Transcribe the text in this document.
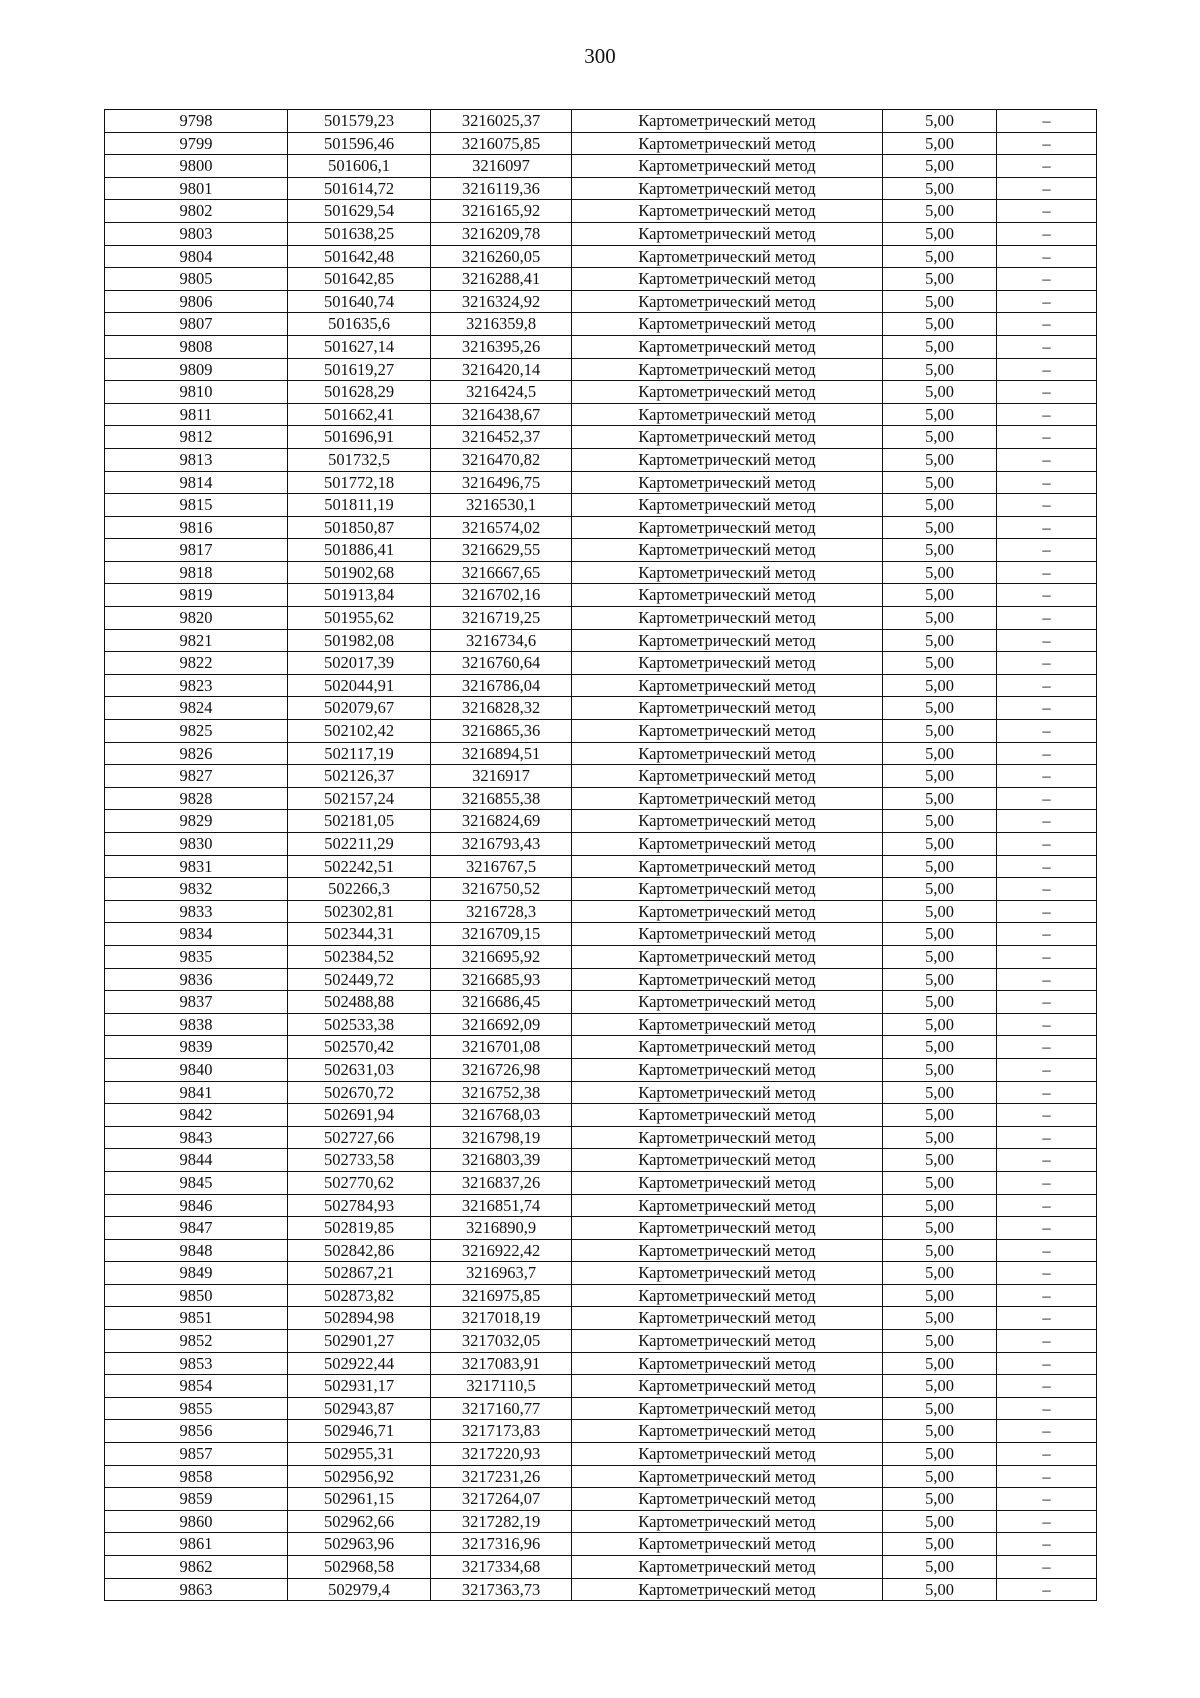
300
9798	501579,23	3216025,37	Картометрический метод	5,00	–
9799	501596,46	3216075,85	Картометрический метод	5,00	–
9800	501606,1	3216097	Картометрический метод	5,00	–
9801	501614,72	3216119,36	Картометрический метод	5,00	–
9802	501629,54	3216165,92	Картометрический метод	5,00	–
9803	501638,25	3216209,78	Картометрический метод	5,00	–
9804	501642,48	3216260,05	Картометрический метод	5,00	–
9805	501642,85	3216288,41	Картометрический метод	5,00	–
9806	501640,74	3216324,92	Картометрический метод	5,00	–
9807	501635,6	3216359,8	Картометрический метод	5,00	–
9808	501627,14	3216395,26	Картометрический метод	5,00	–
9809	501619,27	3216420,14	Картометрический метод	5,00	–
9810	501628,29	3216424,5	Картометрический метод	5,00	–
9811	501662,41	3216438,67	Картометрический метод	5,00	–
9812	501696,91	3216452,37	Картометрический метод	5,00	–
9813	501732,5	3216470,82	Картометрический метод	5,00	–
9814	501772,18	3216496,75	Картометрический метод	5,00	–
9815	501811,19	3216530,1	Картометрический метод	5,00	–
9816	501850,87	3216574,02	Картометрический метод	5,00	–
9817	501886,41	3216629,55	Картометрический метод	5,00	–
9818	501902,68	3216667,65	Картометрический метод	5,00	–
9819	501913,84	3216702,16	Картометрический метод	5,00	–
9820	501955,62	3216719,25	Картометрический метод	5,00	–
9821	501982,08	3216734,6	Картометрический метод	5,00	–
9822	502017,39	3216760,64	Картометрический метод	5,00	–
9823	502044,91	3216786,04	Картометрический метод	5,00	–
9824	502079,67	3216828,32	Картометрический метод	5,00	–
9825	502102,42	3216865,36	Картометрический метод	5,00	–
9826	502117,19	3216894,51	Картометрический метод	5,00	–
9827	502126,37	3216917	Картометрический метод	5,00	–
9828	502157,24	3216855,38	Картометрический метод	5,00	–
9829	502181,05	3216824,69	Картометрический метод	5,00	–
9830	502211,29	3216793,43	Картометрический метод	5,00	–
9831	502242,51	3216767,5	Картометрический метод	5,00	–
9832	502266,3	3216750,52	Картометрический метод	5,00	–
9833	502302,81	3216728,3	Картометрический метод	5,00	–
9834	502344,31	3216709,15	Картометрический метод	5,00	–
9835	502384,52	3216695,92	Картометрический метод	5,00	–
9836	502449,72	3216685,93	Картометрический метод	5,00	–
9837	502488,88	3216686,45	Картометрический метод	5,00	–
9838	502533,38	3216692,09	Картометрический метод	5,00	–
9839	502570,42	3216701,08	Картометрический метод	5,00	–
9840	502631,03	3216726,98	Картометрический метод	5,00	–
9841	502670,72	3216752,38	Картометрический метод	5,00	–
9842	502691,94	3216768,03	Картометрический метод	5,00	–
9843	502727,66	3216798,19	Картометрический метод	5,00	–
9844	502733,58	3216803,39	Картометрический метод	5,00	–
9845	502770,62	3216837,26	Картометрический метод	5,00	–
9846	502784,93	3216851,74	Картометрический метод	5,00	–
9847	502819,85	3216890,9	Картометрический метод	5,00	–
9848	502842,86	3216922,42	Картометрический метод	5,00	–
9849	502867,21	3216963,7	Картометрический метод	5,00	–
9850	502873,82	3216975,85	Картометрический метод	5,00	–
9851	502894,98	3217018,19	Картометрический метод	5,00	–
9852	502901,27	3217032,05	Картометрический метод	5,00	–
9853	502922,44	3217083,91	Картометрический метод	5,00	–
9854	502931,17	3217110,5	Картометрический метод	5,00	–
9855	502943,87	3217160,77	Картометрический метод	5,00	–
9856	502946,71	3217173,83	Картометрический метод	5,00	–
9857	502955,31	3217220,93	Картометрический метод	5,00	–
9858	502956,92	3217231,26	Картометрический метод	5,00	–
9859	502961,15	3217264,07	Картометрический метод	5,00	–
9860	502962,66	3217282,19	Картометрический метод	5,00	–
9861	502963,96	3217316,96	Картометрический метод	5,00	–
9862	502968,58	3217334,68	Картометрический метод	5,00	–
9863	502979,4	3217363,73	Картометрический метод	5,00	–
